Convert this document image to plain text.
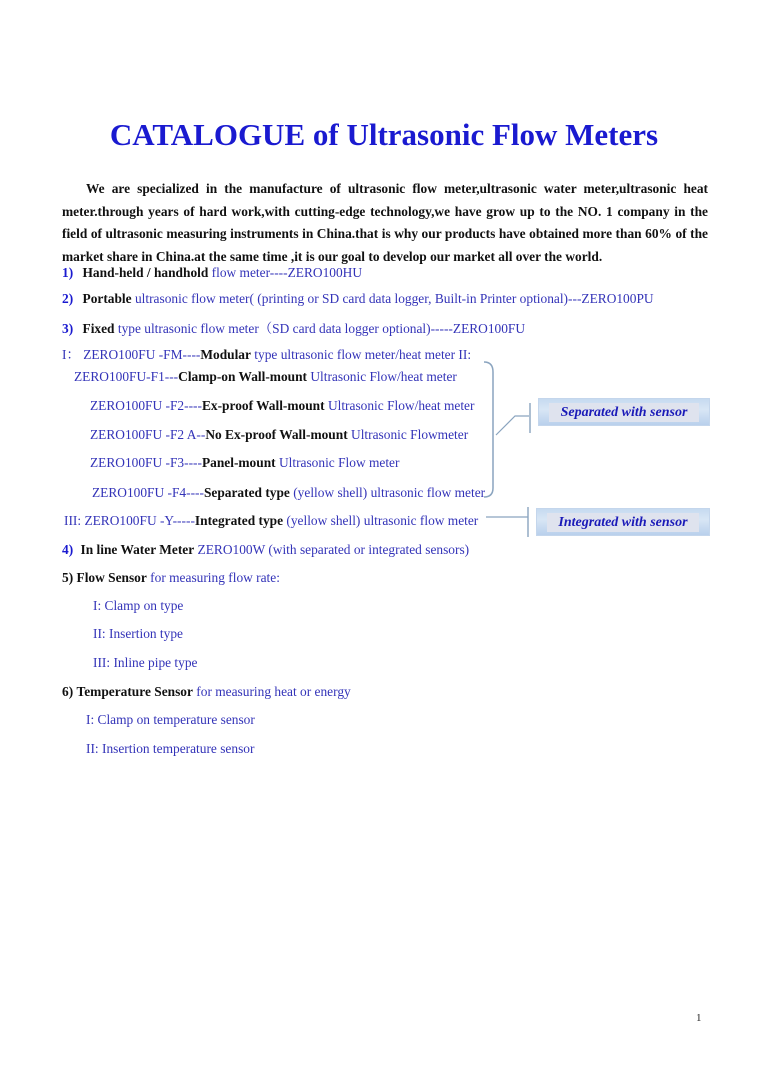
CATALOGUE of Ultrasonic Flow Meters

We are specialized in the manufacture of ultrasonic flow meter,ultrasonic water meter,ultrasonic heat meter.through years of hard work,with cutting-edge technology,we have grow up to the NO. 1 company in the field of ultrasonic measuring instruments in China.that is why our products have obtained more than 60% of the market share in China.at the same time ,it is our goal to develop our market all over the world.

1) Hand-held / handhold flow meter----ZERO100HU
2) Portable ultrasonic flow meter( (printing or SD card data logger, Built-in Printer optional)---ZERO100PU
3) Fixed type ultrasonic flow meter（SD card data logger optional)-----ZERO100FU
I： ZERO100FU -FM----Modular type ultrasonic flow meter/heat meter II:
ZERO100FU-F1---Clamp-on Wall-mount Ultrasonic Flow/heat meter
ZERO100FU -F2----Ex-proof Wall-mount Ultrasonic Flow/heat meter
ZERO100FU -F2 A--No Ex-proof Wall-mount Ultrasonic Flowmeter
ZERO100FU -F3----Panel-mount Ultrasonic Flow meter
ZERO100FU -F4----Separated type (yellow shell) ultrasonic flow meter
III: ZERO100FU -Y-----Integrated type (yellow shell) ultrasonic flow meter
4) In line Water Meter ZERO100W (with separated or integrated sensors)
5) Flow Sensor for measuring flow rate:
I: Clamp on type
II: Insertion type
III: Inline pipe type
6) Temperature Sensor for measuring heat or energy
I: Clamp on temperature sensor
II: Insertion temperature sensor
Separated with sensor
Integrated with sensor
1
